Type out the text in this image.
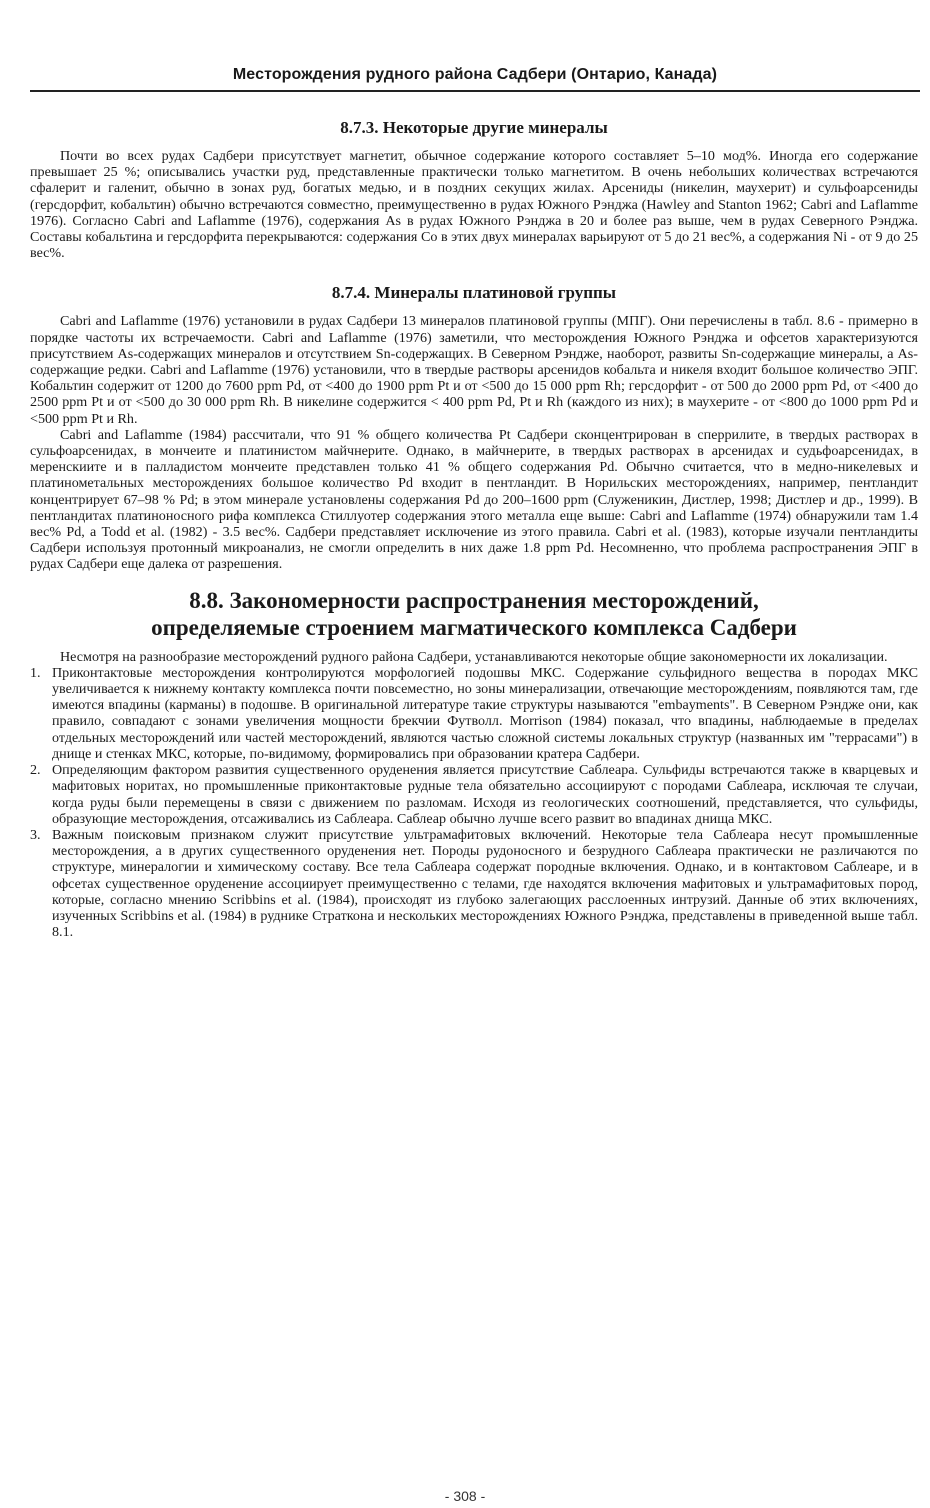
Месторождения рудного района Садбери (Онтарио, Канада)
8.7.3. Некоторые другие минералы

Почти во всех рудах Садбери присутствует магнетит, обычное содержание которого составляет 5–10 мод%. Иногда его содержание превышает 25 %; описывались участки руд, представленные практически только магнетитом. В очень небольших количествах встречаются сфалерит и галенит, обычно в зонах руд, богатых медью, и в поздних секущих жилах. Арсениды (никелин, маухерит) и сульфоарсениды (герсдорфит, кобальтин) обычно встречаются совместно, преимущественно в рудах Южного Рэнджа (Hawley and Stanton 1962; Cabri and Laflamme 1976). Согласно Cabri and Laflamme (1976), содержания As в рудах Южного Рэнджа в 20 и более раз выше, чем в рудах Северного Рэнджа. Составы кобальтина и герсдорфита перекрываются: содержания Co в этих двух минералах варьируют от 5 до 21 вес%, а содержания Ni - от 9 до 25 вес%.

8.7.4. Минералы платиновой группы

Cabri and Laflamme (1976) установили в рудах Садбери 13 минералов платиновой группы (МПГ). Они перечислены в табл. 8.6 - примерно в порядке частоты их встречаемости. Cabri and Laflamme (1976) заметили, что месторождения Южного Рэнджа и офсетов характеризуются присутствием As-содержащих минералов и отсутствием Sn-содержащих. В Северном Рэндже, наоборот, развиты Sn-содержащие минералы, а As-содержащие редки. Cabri and Laflamme (1976) установили, что в твердые растворы арсенидов кобальта и никеля входит большое количество ЭПГ. Кобальтин содержит от 1200 до 7600 ppm Pd, от <400 до 1900 ppm Pt и от <500 до 15 000 ppm Rh; герсдорфит - от 500 до 2000 ppm Pd, от <400 до 2500 ppm Pt и от <500 до 30 000 ppm Rh. В никелине содержится < 400 ppm Pd, Pt и Rh (каждого из них); в маухерите - от <800 до 1000 ppm Pd и <500 ppm Pt и Rh.

Cabri and Laflamme (1984) рассчитали, что 91 % общего количества Pt Садбери сконцентрирован в сперрилите, в твердых растворах в сульфоарсенидах, в мончеите и платинистом майчнерите. Однако, в майчнерите, в твердых растворах в арсенидах и судьфоарсенидах, в меренскиите и в палладистом мончеите представлен только 41 % общего содержания Pd. Обычно считается, что в медно-никелевых и платинометальных месторождениях большое количество Pd входит в пентландит. В Норильских месторождениях, например, пентландит концентрирует 67–98 % Pd; в этом минерале установлены содержания Pd до 200–1600 ppm (Служеникин, Дистлер, 1998; Дистлер и др., 1999). В пентландитах платиноносного рифа комплекса Стиллуотер содержания этого металла еще выше: Cabri and Laflamme (1974) обнаружили там 1.4 вес% Pd, а Todd et al. (1982) - 3.5 вес%. Садбери представляет исключение из этого правила. Cabri et al. (1983), которые изучали пентландиты Садбери используя протонный микроанализ, не смогли определить в них даже 1.8 ppm Pd. Несомненно, что проблема распространения ЭПГ в рудах Садбери еще далека от разрешения.

8.8. Закономерности распространения месторождений,
определяемые строением магматического комплекса Садбери

Несмотря на разнообразие месторождений рудного района Садбери, устанавливаются некоторые общие закономерности их локализации.

1. Приконтактовые месторождения контролируются морфологией подошвы МКС. Содержание сульфидного вещества в породах МКС увеличивается к нижнему контакту комплекса почти повсеместно, но зоны минерализации, отвечающие месторождениям, появляются там, где имеются впадины (карманы) в подошве. В оригинальной литературе такие структуры называются "embayments". В Северном Рэндже они, как правило, совпадают с зонами увеличения мощности брекчии Футволл. Morrison (1984) показал, что впадины, наблюдаемые в пределах отдельных месторождений или частей месторождений, являются частью сложной системы локальных структур (названных им "террасами") в днище и стенках МКС, которые, по-видимому, формировались при образовании кратера Садбери.
2. Определяющим фактором развития существенного оруденения является присутствие Саблеара. Сульфиды встречаются также в кварцевых и мафитовых норитах, но промышленные приконтактовые рудные тела обязательно ассоциируют с породами Саблеара, исключая те случаи, когда руды были перемещены в связи с движением по разломам. Исходя из геологических соотношений, представляется, что сульфиды, образующие месторождения, отсаживались из Саблеара. Саблеар обычно лучше всего развит во впадинах днища МКС.
3. Важным поисковым признаком служит присутствие ультрамафитовых включений. Некоторые тела Саблеара несут промышленные месторождения, а в других существенного оруденения нет. Породы рудоносного и безрудного Саблеара практически не различаются по структуре, минералогии и химическому составу. Все тела Саблеара содержат породные включения. Однако, и в контактовом Саблеаре, и в офсетах существенное оруденение ассоциирует преимущественно с телами, где находятся включения мафитовых и ультрамафитовых пород, которые, согласно мнению Scribbins et al. (1984), происходят из глубоко залегающих расслоенных интрузий. Данные об этих включениях, изученных Scribbins et al. (1984) в руднике Страткона и нескольких месторождениях Южного Рэнджа, представлены в приведенной выше табл. 8.1.
- 308 -
